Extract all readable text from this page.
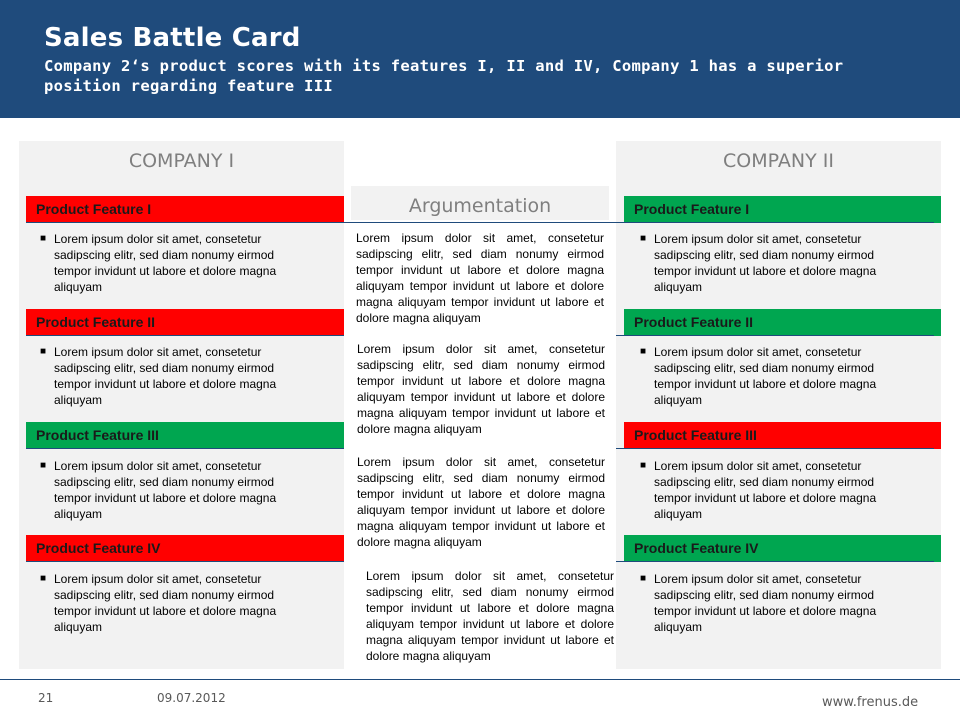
Sales Battle Card
Company 2‘s product scores with its features I, II and IV, Company 1 has a superior position regarding feature III
COMPANY I
Product Feature I
■ Lorem ipsum dolor sit amet, consetetur sadipscing elitr, sed diam nonumy eirmod tempor invidunt ut labore et dolore magna aliquyam
Product Feature II
■ Lorem ipsum dolor sit amet, consetetur sadipscing elitr, sed diam nonumy eirmod tempor invidunt ut labore et dolore magna aliquyam
Product Feature III
■ Lorem ipsum dolor sit amet, consetetur sadipscing elitr, sed diam nonumy eirmod tempor invidunt ut labore et dolore magna aliquyam
Product Feature IV
■ Lorem ipsum dolor sit amet, consetetur sadipscing elitr, sed diam nonumy eirmod tempor invidunt ut labore et dolore magna aliquyam
Argumentation
Lorem ipsum dolor sit amet, consetetur sadipscing elitr, sed diam nonumy eirmod tempor invidunt ut labore et dolore magna aliquyam tempor invidunt ut labore et dolore magna aliquyam tempor invidunt ut labore et dolore magna aliquyam
Lorem ipsum dolor sit amet, consetetur sadipscing elitr, sed diam nonumy eirmod tempor invidunt ut labore et dolore magna aliquyam tempor invidunt ut labore et dolore magna aliquyam tempor invidunt ut labore et dolore magna aliquyam
Lorem ipsum dolor sit amet, consetetur sadipscing elitr, sed diam nonumy eirmod tempor invidunt ut labore et dolore magna aliquyam tempor invidunt ut labore et dolore magna aliquyam tempor invidunt ut labore et dolore magna aliquyam
Lorem ipsum dolor sit amet, consetetur sadipscing elitr, sed diam nonumy eirmod tempor invidunt ut labore et dolore magna aliquyam tempor invidunt ut labore et dolore magna aliquyam tempor invidunt ut labore et dolore magna aliquyam
COMPANY II
Product Feature I
■ Lorem ipsum dolor sit amet, consetetur sadipscing elitr, sed diam nonumy eirmod tempor invidunt ut labore et dolore magna aliquyam
Product Feature II
■ Lorem ipsum dolor sit amet, consetetur sadipscing elitr, sed diam nonumy eirmod tempor invidunt ut labore et dolore magna aliquyam
Product Feature III
■ Lorem ipsum dolor sit amet, consetetur sadipscing elitr, sed diam nonumy eirmod tempor invidunt ut labore et dolore magna aliquyam
Product Feature IV
■ Lorem ipsum dolor sit amet, consetetur sadipscing elitr, sed diam nonumy eirmod tempor invidunt ut labore et dolore magna aliquyam
21	09.07.2012	www.frenus.de
